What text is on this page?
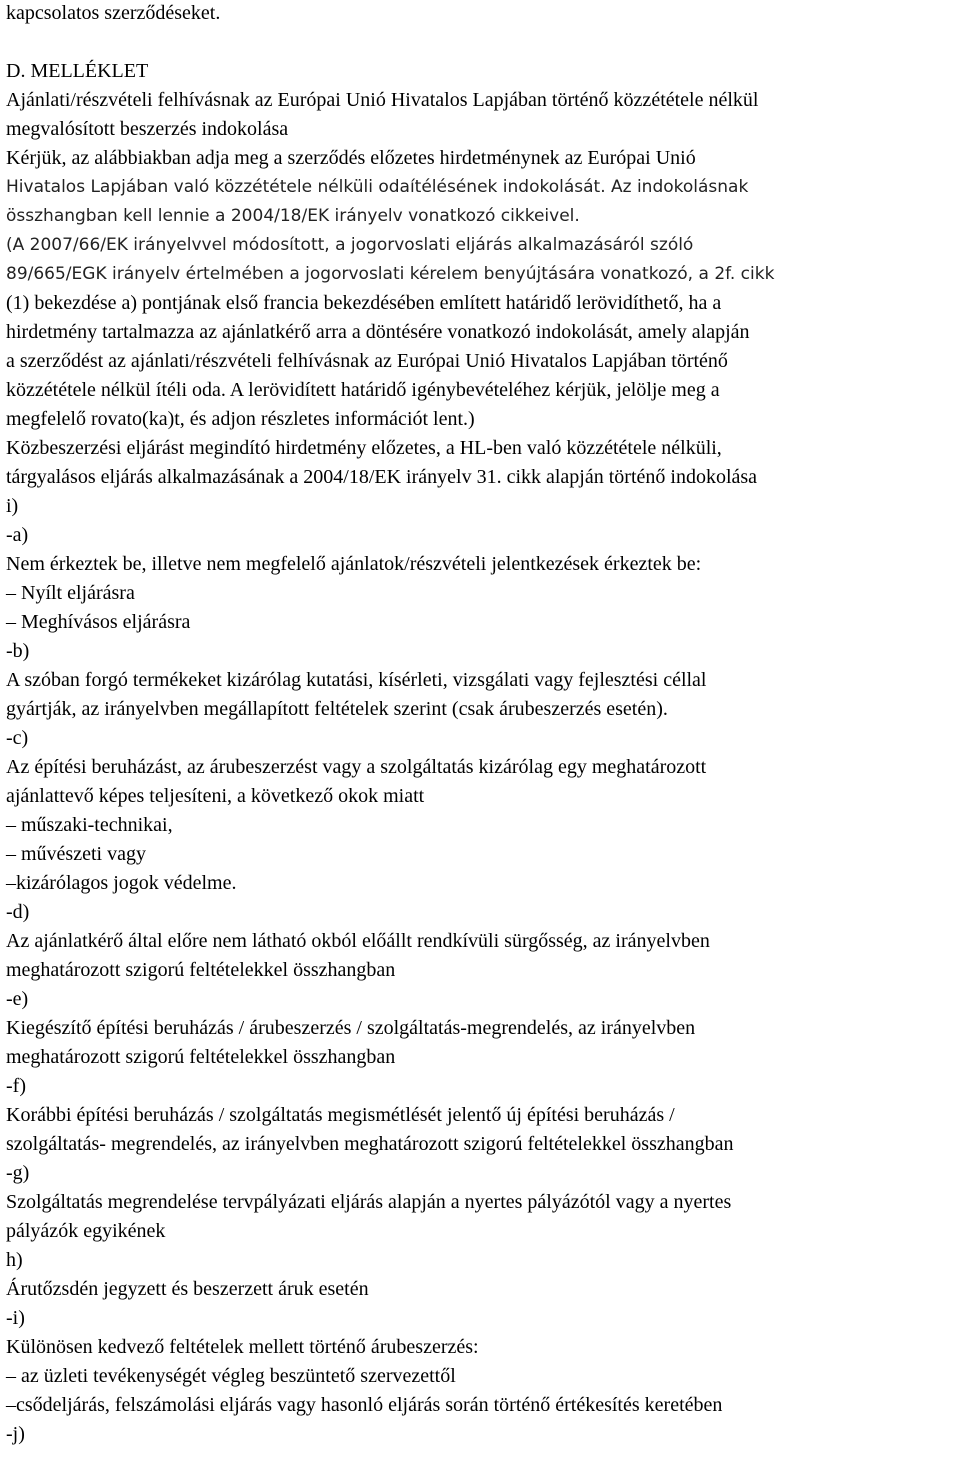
kapcsolatos szerződéseket.
D. MELLÉKLET
Ajánlati/részvételi felhívásnak az Európai Unió Hivatalos Lapjában történő közzététele nélkül
megvalósított beszerzés indokolása
Kérjük, az alábbiakban adja meg a szerződés előzetes hirdetménynek az Európai Unió
Hivatalos Lapjában való közzététele nélküli odaítélésének indokolását. Az indokolásnak
összhangban kell lennie a 2004/18/EK irányelv vonatkozó cikkeivel.
(A 2007/66/EK irányelvvel módosított, a jogorvoslati eljárás alkalmazásáról szóló
89/665/EGK irányelv értelmében a jogorvoslati kérelem benyújtására vonatkozó, a 2f. cikk
(1) bekezdése a) pontjának első francia bekezdésében említett határidő lerövidíthető, ha a
hirdetmény tartalmazza az ajánlatkérő arra a döntésére vonatkozó indokolását, amely alapján
a szerződést az ajánlati/részvételi felhívásnak az Európai Unió Hivatalos Lapjában történő
közzététele nélkül ítéli oda. A lerövidített határidő igénybevételéhez kérjük, jelölje meg a
megfelelő rovato(ka)t, és adjon részletes információt lent.)
Közbeszerzési eljárást megindító hirdetmény előzetes, a HL-ben való közzététele nélküli,
tárgyalásos eljárás alkalmazásának a 2004/18/EK irányelv 31. cikk alapján történő indokolása
i)
-a)
Nem érkeztek be, illetve nem megfelelő ajánlatok/részvételi jelentkezések érkeztek be:
– Nyílt eljárásra
– Meghívásos eljárásra
-b)
A szóban forgó termékeket kizárólag kutatási, kísérleti, vizsgálati vagy fejlesztési céllal
gyártják, az irányelvben megállapított feltételek szerint (csak árubeszerzés esetén).
-c)
Az építési beruházást, az árubeszerzést vagy a szolgáltatás kizárólag egy meghatározott
ajánlattevő képes teljesíteni, a következő okok miatt
– műszaki-technikai,
– művészeti vagy
–kizárólagos jogok védelme.
-d)
Az ajánlatkérő által előre nem látható okból előállt rendkívüli sürgősség, az irányelvben
meghatározott szigorú feltételekkel összhangban
-e)
Kiegészítő építési beruházás / árubeszerzés / szolgáltatás-megrendelés, az irányelvben
meghatározott szigorú feltételekkel összhangban
-f)
Korábbi építési beruházás / szolgáltatás megismétlését jelentő új építési beruházás /
szolgáltatás- megrendelés, az irányelvben meghatározott szigorú feltételekkel összhangban
-g)
Szolgáltatás megrendelése tervpályázati eljárás alapján a nyertes pályázótól vagy a nyertes
pályázók egyikének
h)
Árutőzsdén jegyzett és beszerzett áruk esetén
-i)
Különösen kedvező feltételek mellett történő árubeszerzés:
– az üzleti tevékenységét végleg beszüntető szervezettől
–csődeljárás, felszámolási eljárás vagy hasonló eljárás során történő értékesítés keretében
-j)
